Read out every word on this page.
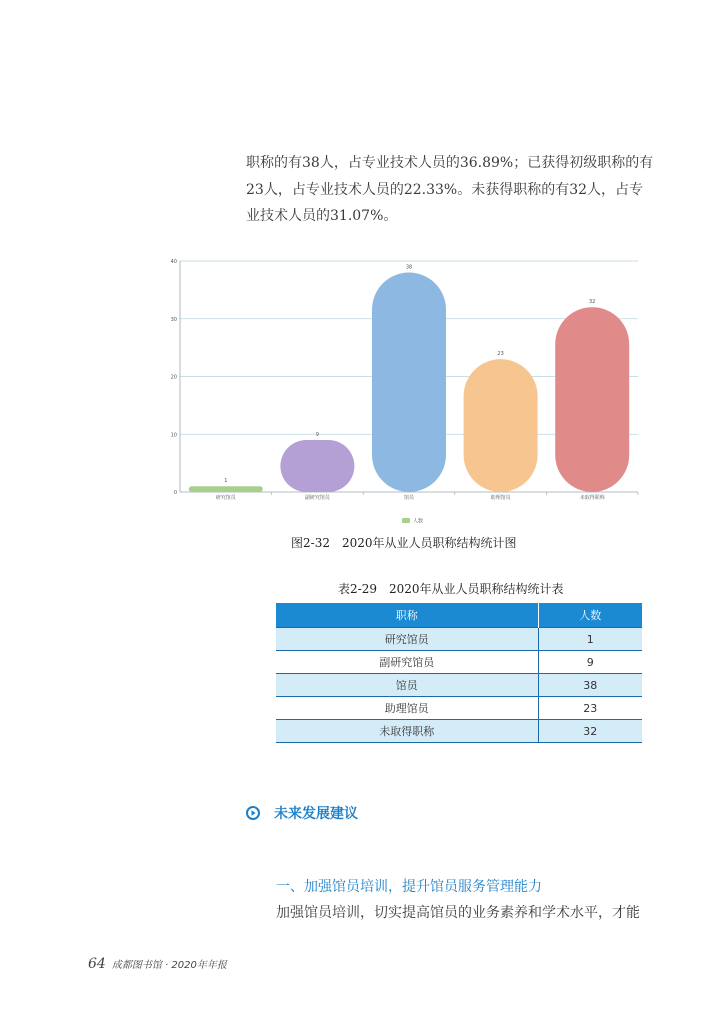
职称的有38人，占专业技术人员的36.89%；已获得初级职称的有
23人，占专业技术人员的22.33%。未获得职称的有32人，占专
业技术人员的31.07%。
0
10
20
30
40
1
研究馆员
9
副研究馆员
38
馆员
23
助理馆员
32
未取得职称
人数
图2-32　2020年从业人员职称结构统计图
表2-29　2020年从业人员职称结构统计表
职称	人数
研究馆员	1
副研究馆员	9
馆员	38
助理馆员	23
未取得职称	32
未来发展建议
一、加强馆员培训，提升馆员服务管理能力
加强馆员培训，切实提高馆员的业务素养和学术水平，才能
64 成都图书馆 · 2020年年报
